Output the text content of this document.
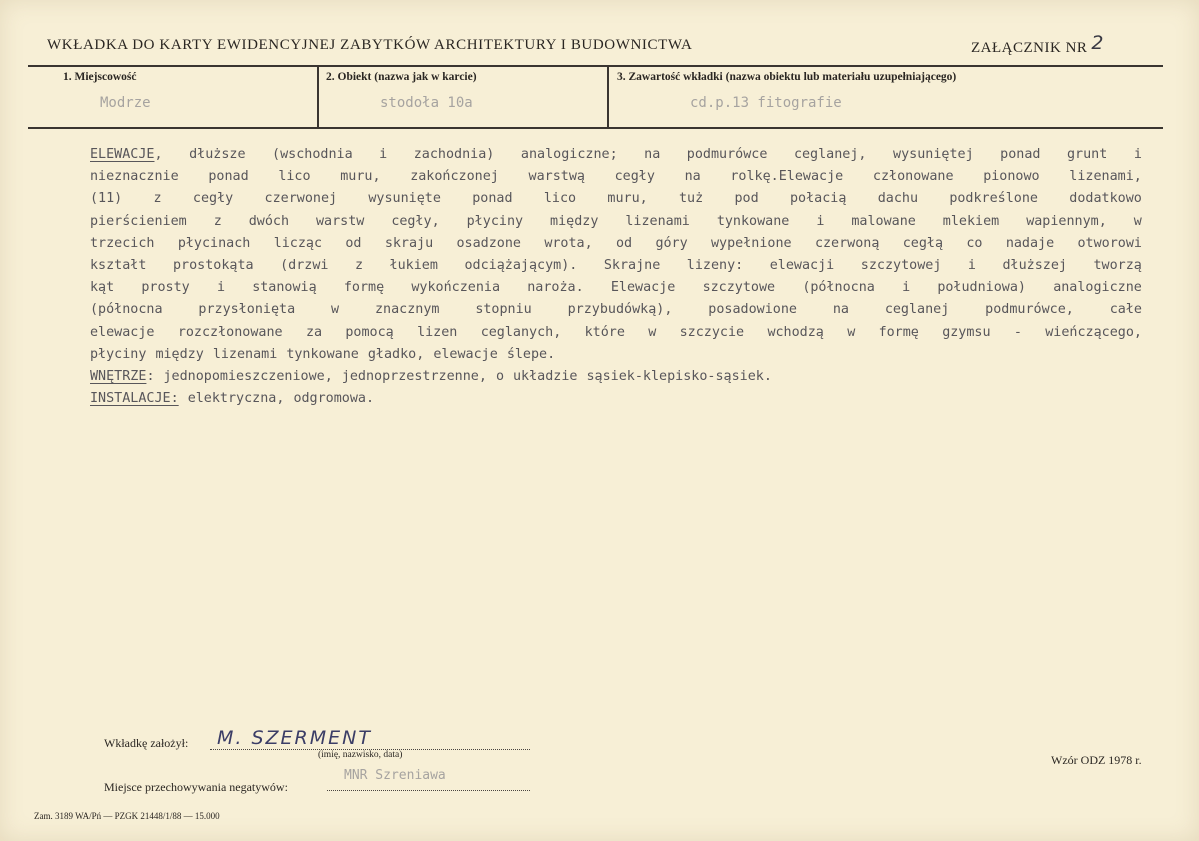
WKŁADKA DO KARTY EWIDENCYJNEJ ZABYTKÓW ARCHITEKTURY I BUDOWNICTWA	ZAŁĄCZNIK NR 2
1. Miejscowość
Modrze
2. Obiekt (nazwa jak w karcie)
stodoła 10a
3. Zawartość wkładki (nazwa obiektu lub materiału uzupełniającego)
cd.p.13 fitografie
ELEWACJE, dłuższe (wschodnia i zachodnia) analogiczne; na podmurówce ceglanej, wysuniętej ponad grunt i
nieznacznie ponad lico muru, zakończonej warstwą cegły na rolkę.Elewacje członowane pionowo lizenami,
(11) z cegły czerwonej wysunięte ponad lico muru, tuż pod połacią dachu podkreślone dodatkowo
pierścieniem z dwóch warstw cegły, płyciny między lizenami tynkowane i malowane mlekiem wapiennym, w
trzecich płycinach licząc od skraju osadzone wrota, od góry wypełnione czerwoną cegłą co nadaje otworowi
kształt prostokąta (drzwi z łukiem odciążającym). Skrajne lizeny: elewacji szczytowej i dłuższej tworzą
kąt prosty i stanowią formę wykończenia naroża. Elewacje szczytowe (północna i południowa) analogiczne
(północna	przysłonięta	w	znacznym	stopniu	przybudówką),	posadowione	na	ceglanej	podmurówce,	całe
elewacje rozczłonowane za pomocą lizen ceglanych, które w szczycie wchodzą w formę gzymsu - wieńczącego,
płyciny między lizenami tynkowane gładko, elewacje ślepe.
WNĘTRZE: jednopomieszczeniowe, jednoprzestrzenne, o układzie sąsiek-klepisko-sąsiek.
INSTALACJE: elektryczna, odgromowa.
Wkładkę założył: M. SZERMENT
(imię, nazwisko, data)
Miejsce przechowywania negatywów:
MNR Szreniawa
Wzór ODZ 1978 r.
Zam. 3189 WA/Pń — PZGK 21448/1/88 — 15.000
